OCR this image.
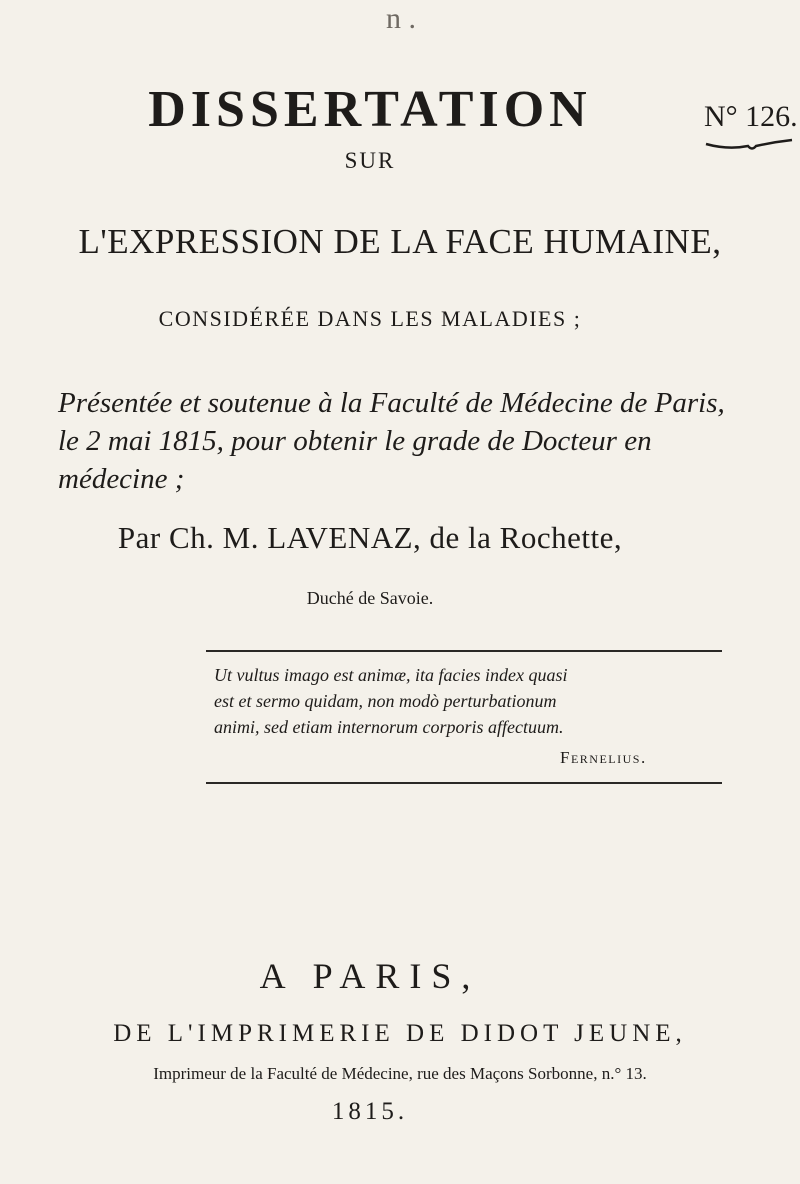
n .
DISSERTATION	N° 126.
SUR
L'EXPRESSION DE LA FACE HUMAINE,
CONSIDÉRÉE DANS LES MALADIES ;
Présentée et soutenue à la Faculté de Médecine de Paris,
le 2 mai 1815, pour obtenir le grade de Docteur en
médecine ;
Par Ch. M. LAVENAZ, de la Rochette,
Duché de Savoie.
Ut vultus imago est animæ, ita facies index quasi
est et sermo quidam, non modò perturbationum
animi, sed etiam internorum corporis affectuum.
Fernelius.
A PARIS,
DE L'IMPRIMERIE DE DIDOT JEUNE,
Imprimeur de la Faculté de Médecine, rue des Maçons Sorbonne, n.° 13.
1815.
